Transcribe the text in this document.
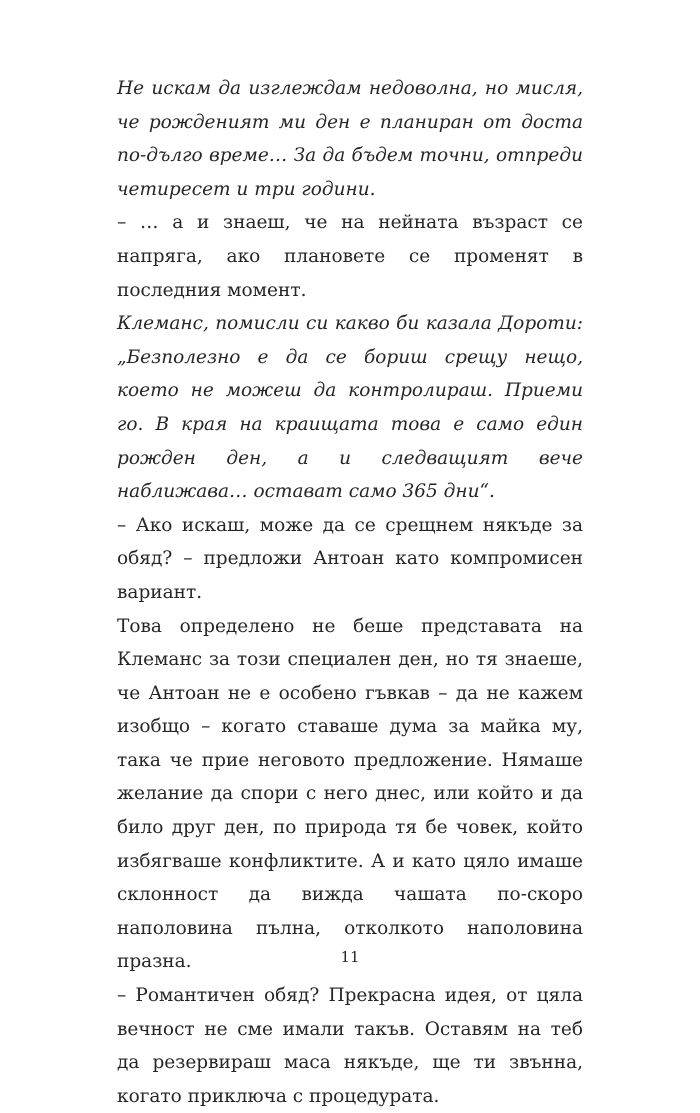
Не искам да изглеждам недоволна, но мисля, че рожденият ми ден е планиран от доста по-дълго време… За да бъдем точни, отпреди четиресет и три години.

– … а и знаеш, че на нейната възраст се напряга, ако плановете се променят в последния момент.

Клеманс, помисли си какво би казала Дороти: „Безполезно е да се бориш срещу нещо, което не можеш да контролираш. Приеми го. В края на краищата това е само един рожден ден, а и следващият вече наближава… остават само 365 дни“.

– Ако искаш, може да се срещнем някъде за обяд? – предложи Антоан като компромисен вариант.

Това определено не беше представата на Клеманс за този специален ден, но тя знаеше, че Антоан не е особено гъвкав – да не кажем изобщо – когато ставаше дума за майка му, така че прие неговото предложение. Нямаше желание да спори с него днес, или който и да било друг ден, по природа тя бе човек, който избягваше конфликтите. А и като цяло имаше склонност да вижда чашата по-скоро наполовина пълна, отколкото наполовина празна.

– Романтичен обяд? Прекрасна идея, от цяла вечност не сме имали такъв. Оставям на теб да резервираш маса някъде, ще ти звънна, когато приключа с процедурата.

11
